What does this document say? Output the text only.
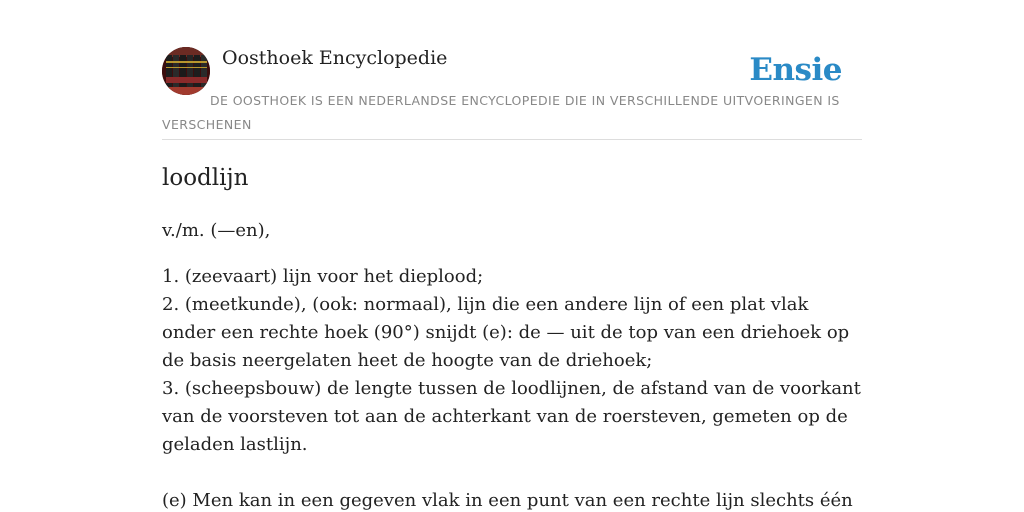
Oosthoek Encyclopedie	Ensie
DE OOSTHOEK IS EEN NEDERLANDSE ENCYCLOPEDIE DIE IN VERSCHILLENDE UITVOERINGEN IS VERSCHENEN
loodlijn
v./m. (—en),
1. (zeevaart) lijn voor het dieplood;
2. (meetkunde), (ook: normaal), lijn die een andere lijn of een plat vlak onder een rechte hoek (90°) snijdt (e): de — uit de top van een driehoek op de basis neergelaten heet de hoogte van de driehoek;
3. (scheepsbouw) de lengte tussen de loodlijnen, de afstand van de voorkant van de voorsteven tot aan de achterkant van de roersteven, gemeten op de geladen lastlijn.
(e) Men kan in een gegeven vlak in een punt van een rechte lijn slechts één
